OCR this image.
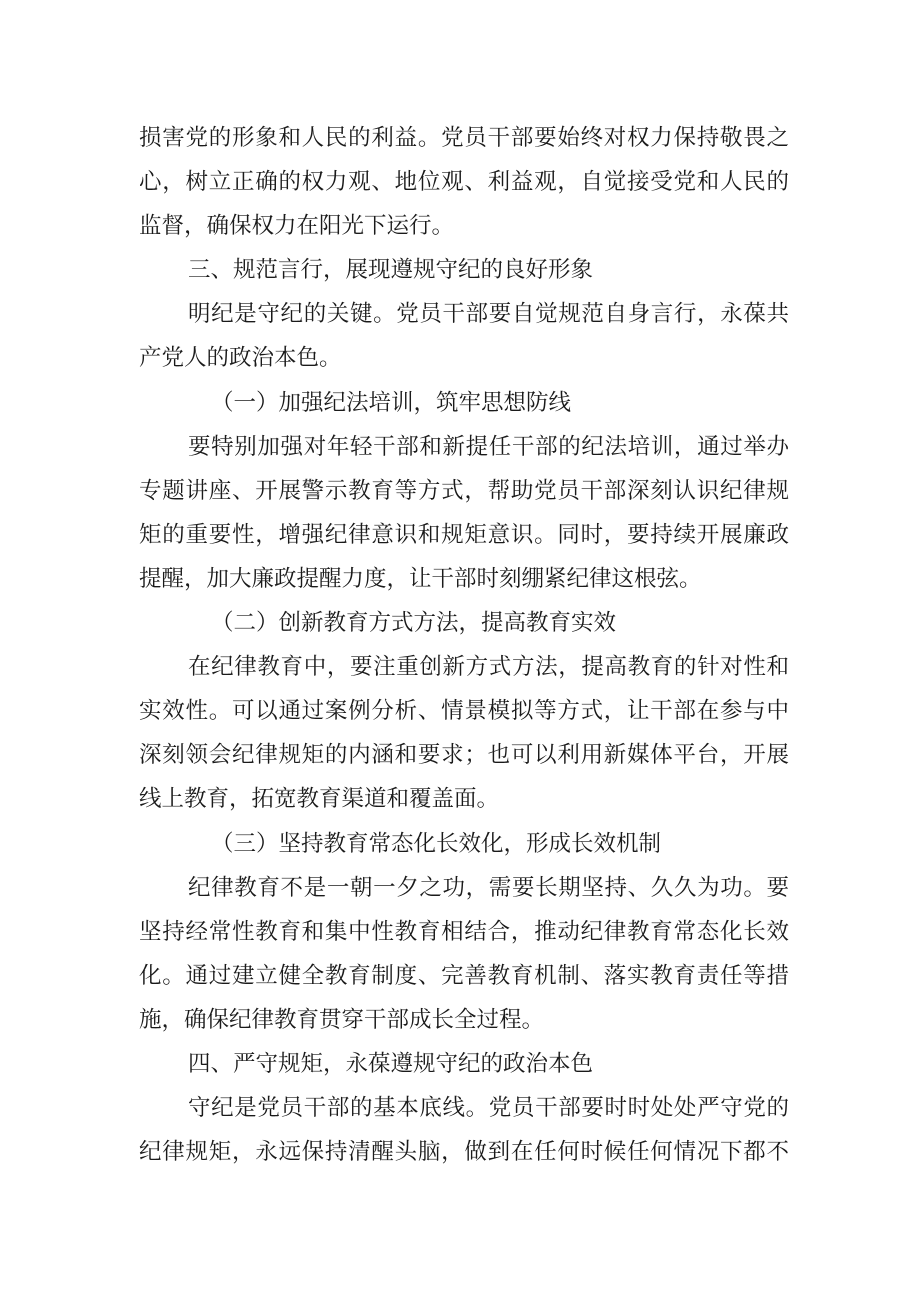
损害党的形象和人民的利益。党员干部要始终对权力保持敬畏之
心，树立正确的权力观、地位观、利益观，自觉接受党和人民的
监督，确保权力在阳光下运行。
三、规范言行，展现遵规守纪的良好形象
明纪是守纪的关键。党员干部要自觉规范自身言行，永葆共
产党人的政治本色。
（一）加强纪法培训，筑牢思想防线
要特别加强对年轻干部和新提任干部的纪法培训，通过举办
专题讲座、开展警示教育等方式，帮助党员干部深刻认识纪律规
矩的重要性，增强纪律意识和规矩意识。同时，要持续开展廉政
提醒，加大廉政提醒力度，让干部时刻绷紧纪律这根弦。
（二）创新教育方式方法，提高教育实效
在纪律教育中，要注重创新方式方法，提高教育的针对性和
实效性。可以通过案例分析、情景模拟等方式，让干部在参与中
深刻领会纪律规矩的内涵和要求；也可以利用新媒体平台，开展
线上教育，拓宽教育渠道和覆盖面。
（三）坚持教育常态化长效化，形成长效机制
纪律教育不是一朝一夕之功，需要长期坚持、久久为功。要
坚持经常性教育和集中性教育相结合，推动纪律教育常态化长效
化。通过建立健全教育制度、完善教育机制、落实教育责任等措
施，确保纪律教育贯穿干部成长全过程。
四、严守规矩，永葆遵规守纪的政治本色
守纪是党员干部的基本底线。党员干部要时时处处严守党的
纪律规矩，永远保持清醒头脑，做到在任何时候任何情况下都不
